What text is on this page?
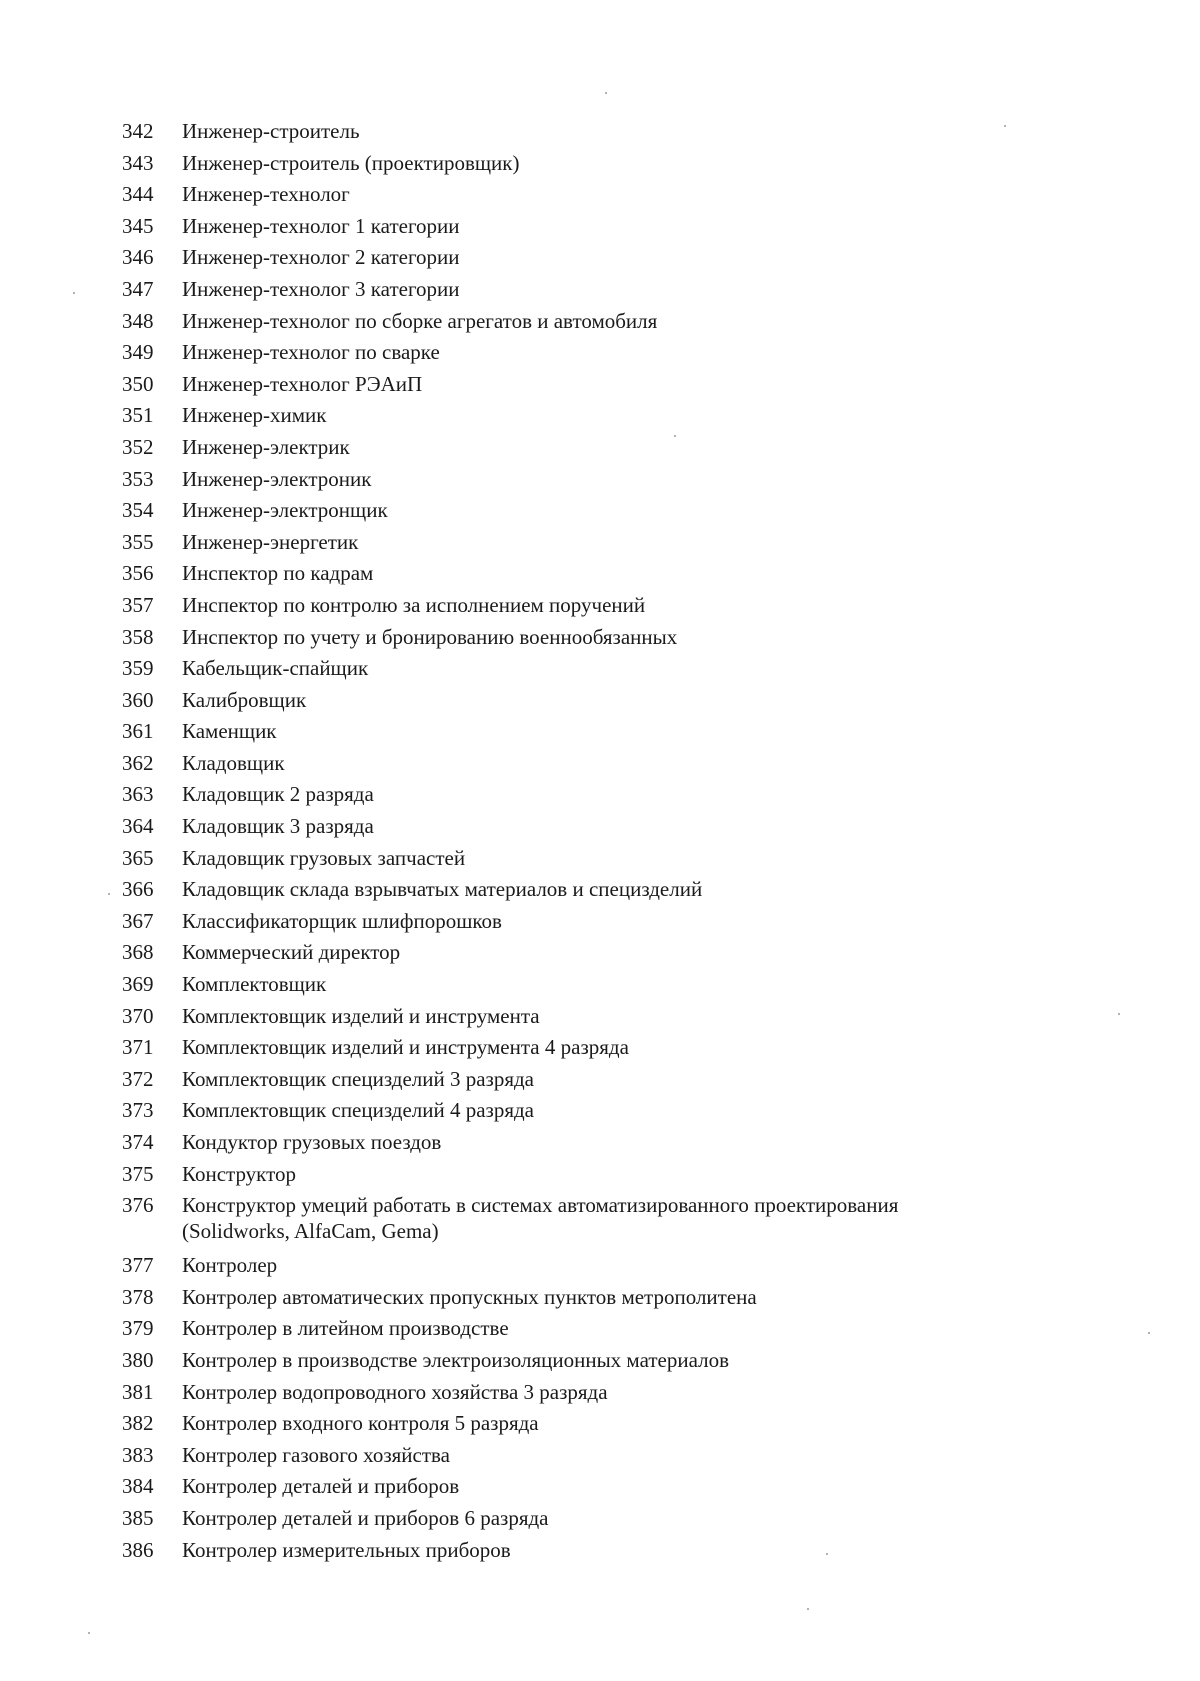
342	Инженер-строитель
343	Инженер-строитель (проектировщик)
344	Инженер-технолог
345	Инженер-технолог 1 категории
346	Инженер-технолог 2 категории
347	Инженер-технолог 3 категории
348	Инженер-технолог по сборке агрегатов и автомобиля
349	Инженер-технолог по сварке
350	Инженер-технолог РЭАиП
351	Инженер-химик
352	Инженер-электрик
353	Инженер-электроник
354	Инженер-электронщик
355	Инженер-энергетик
356	Инспектор по кадрам
357	Инспектор по контролю за исполнением поручений
358	Инспектор по учету и бронированию военнообязанных
359	Кабельщик-спайщик
360	Калибровщик
361	Каменщик
362	Кладовщик
363	Кладовщик 2 разряда
364	Кладовщик 3 разряда
365	Кладовщик грузовых запчастей
366	Кладовщик склада взрывчатых материалов и специзделий
367	Классификаторщик шлифпорошков
368	Коммерческий директор
369	Комплектовщик
370	Комплектовщик изделий и инструмента
371	Комплектовщик изделий и инструмента 4 разряда
372	Комплектовщик специзделий 3 разряда
373	Комплектовщик специзделий 4 разряда
374	Кондуктор грузовых поездов
375	Конструктор
376	Конструктор умеций работать в системах автоматизированного проектирования
(Solidworks, AlfaCam, Gema)
377	Контролер
378	Контролер автоматических пропускных пунктов метрополитена
379	Контролер в литейном производстве
380	Контролер в производстве электроизоляционных материалов
381	Контролер водопроводного хозяйства 3 разряда
382	Контролер входного контроля 5 разряда
383	Контролер газового хозяйства
384	Контролер деталей и приборов
385	Контролер деталей и приборов 6 разряда
386	Контролер измерительных приборов
